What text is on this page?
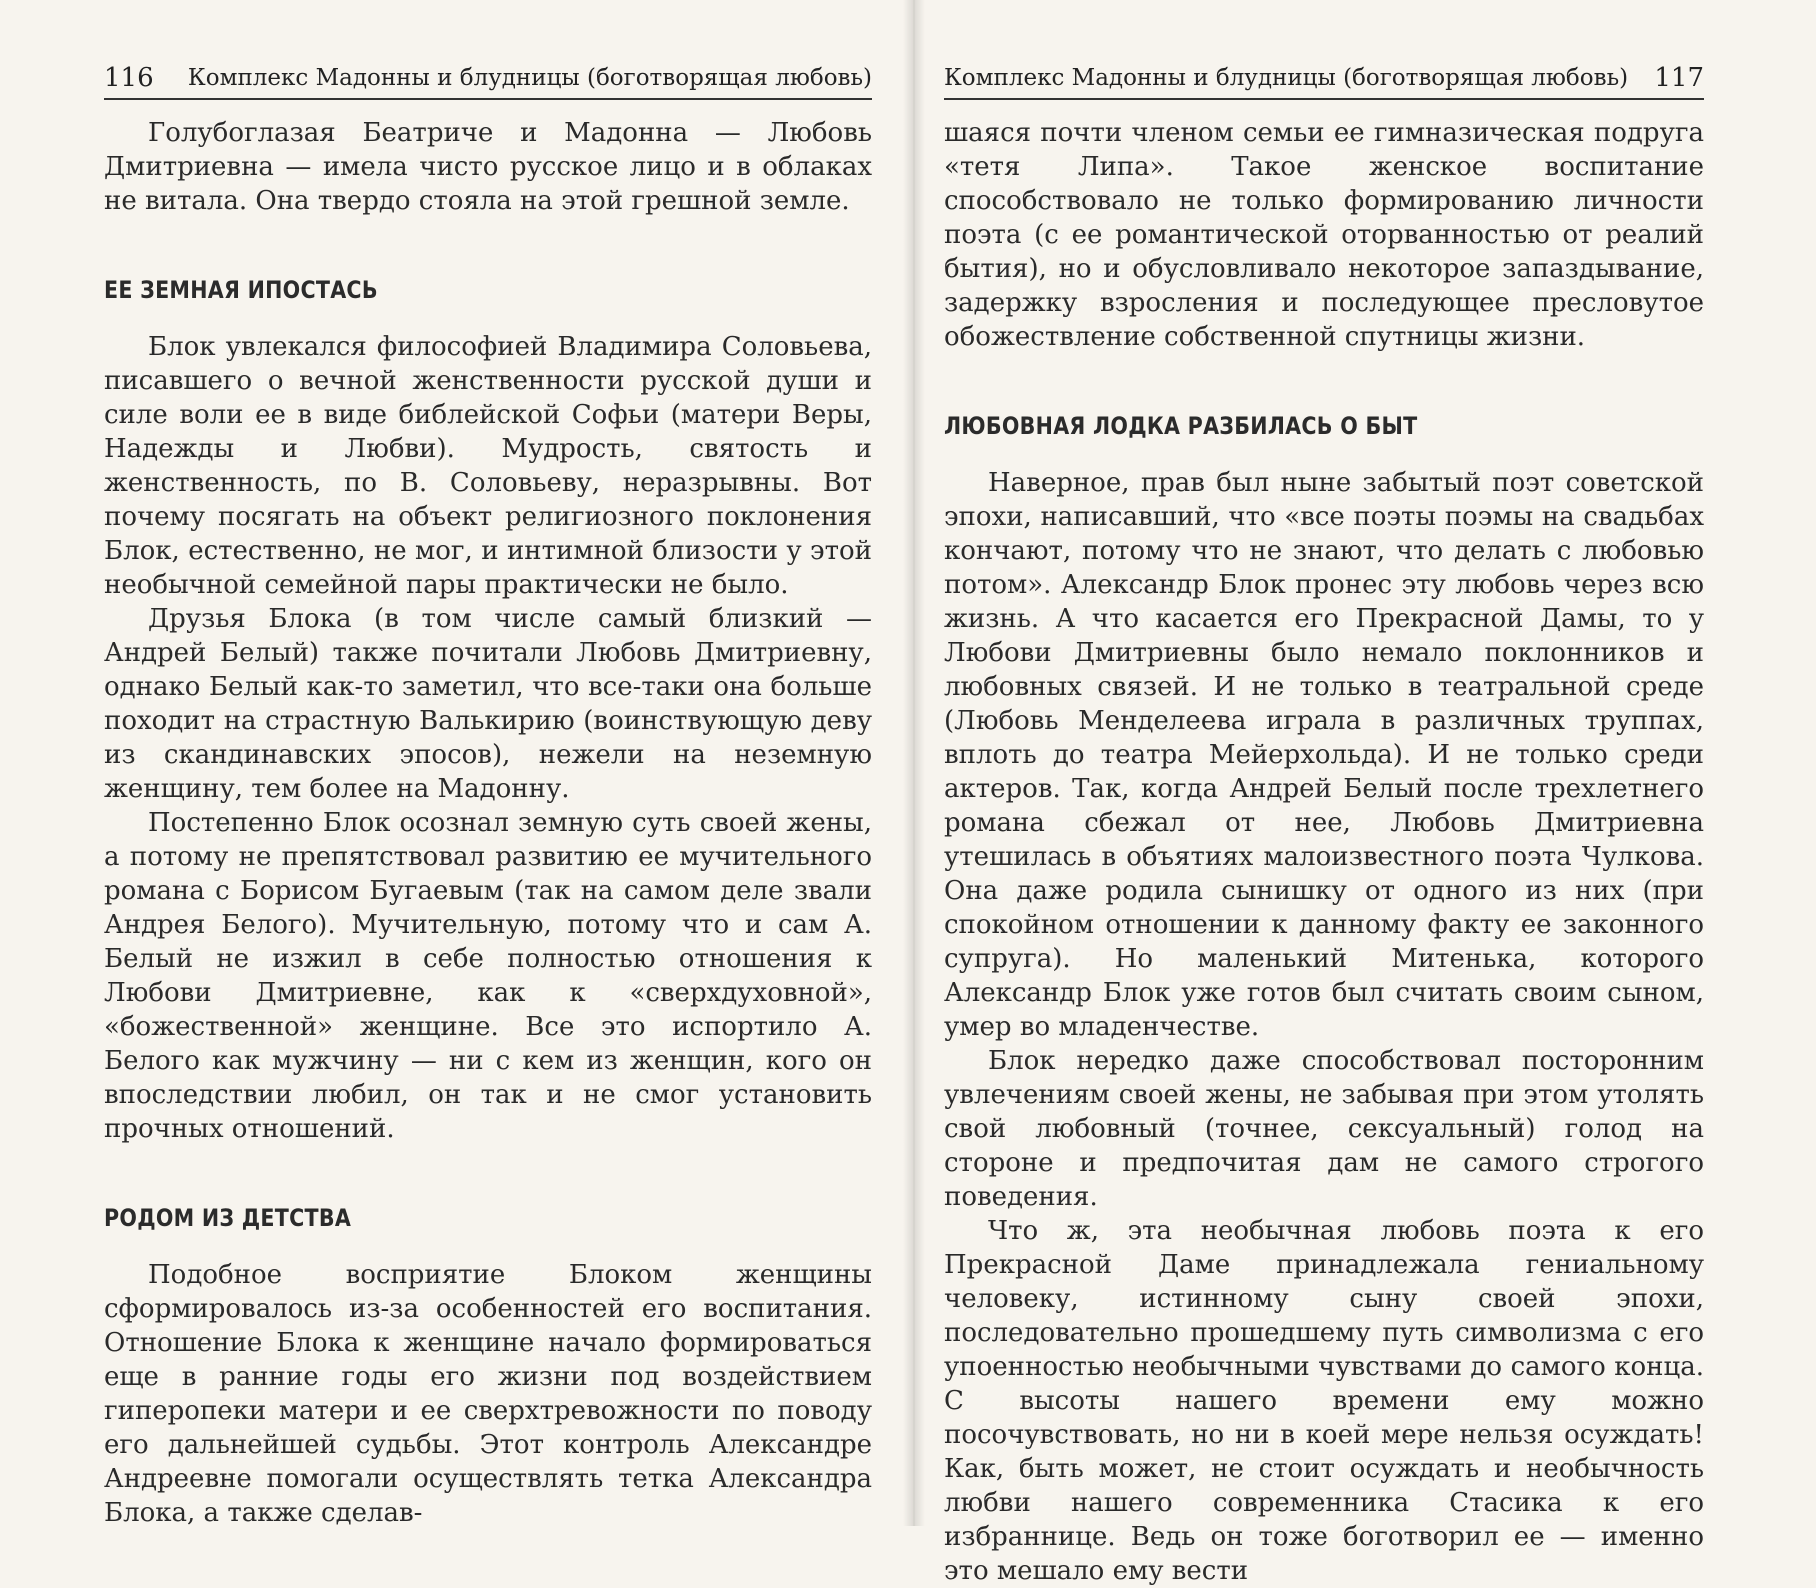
116 Комплекс Мадонны и блудницы (боготворящая любовь)

Голубоглазая Беатриче и Мадонна — Любовь Дмитриевна — имела чисто русское лицо и в облаках не витала. Она твердо стояла на этой грешной земле.

ЕЕ ЗЕМНАЯ ИПОСТАСЬ

Блок увлекался философией Владимира Соловьева, писавшего о вечной женственности русской души и силе воли ее в виде библейской Софьи (матери Веры, Надежды и Любви). Мудрость, святость и женственность, по В. Соловьеву, неразрывны. Вот почему посягать на объект религиозного поклонения Блок, естественно, не мог, и интимной близости у этой необычной семейной пары практически не было.

Друзья Блока (в том числе самый близкий — Андрей Белый) также почитали Любовь Дмитриевну, однако Белый как-то заметил, что все-таки она больше походит на страстную Валькирию (воинствующую деву из скандинавских эпосов), нежели на неземную женщину, тем более на Мадонну.

Постепенно Блок осознал земную суть своей жены, а потому не препятствовал развитию ее мучительного романа с Борисом Бугаевым (так на самом деле звали Андрея Белого). Мучительную, потому что и сам А. Белый не изжил в себе полностью отношения к Любови Дмитриевне, как к «сверхдуховной», «божественной» женщине. Все это испортило А. Белого как мужчину — ни с кем из женщин, кого он впоследствии любил, он так и не смог установить прочных отношений.

РОДОМ ИЗ ДЕТСТВА

Подобное восприятие Блоком женщины сформировалось из-за особенностей его воспитания. Отношение Блока к женщине начало формироваться еще в ранние годы его жизни под воздействием гиперопеки матери и ее сверхтревожности по поводу его дальнейшей судьбы. Этот контроль Александре Андреевне помогали осуществлять тетка Александра Блока, а также сделав-

Комплекс Мадонны и блудницы (боготворящая любовь) 117

шаяся почти членом семьи ее гимназическая подруга «тетя Липа». Такое женское воспитание способствовало не только формированию личности поэта (с ее романтической оторванностью от реалий бытия), но и обусловливало некоторое запаздывание, задержку взросления и последующее пресловутое обожествление собственной спутницы жизни.

ЛЮБОВНАЯ ЛОДКА РАЗБИЛАСЬ О БЫТ

Наверное, прав был ныне забытый поэт советской эпохи, написавший, что «все поэты поэмы на свадьбах кончают, потому что не знают, что делать с любовью потом». Александр Блок пронес эту любовь через всю жизнь. А что касается его Прекрасной Дамы, то у Любови Дмитриевны было немало поклонников и любовных связей. И не только в театральной среде (Любовь Менделеева играла в различных труппах, вплоть до театра Мейерхольда). И не только среди актеров. Так, когда Андрей Белый после трехлетнего романа сбежал от нее, Любовь Дмитриевна утешилась в объятиях малоизвестного поэта Чулкова. Она даже родила сынишку от одного из них (при спокойном отношении к данному факту ее законного супруга). Но маленький Митенька, которого Александр Блок уже готов был считать своим сыном, умер во младенчестве.

Блок нередко даже способствовал посторонним увлечениям своей жены, не забывая при этом утолять свой любовный (точнее, сексуальный) голод на стороне и предпочитая дам не самого строгого поведения.

Что ж, эта необычная любовь поэта к его Прекрасной Даме принадлежала гениальному человеку, истинному сыну своей эпохи, последовательно прошедшему путь символизма с его упоенностью необычными чувствами до самого конца. С высоты нашего времени ему можно посочувствовать, но ни в коей мере нельзя осуждать! Как, быть может, не стоит осуждать и необычность любви нашего современника Стасика к его избраннице. Ведь он тоже боготворил ее — именно это мешало ему вести
